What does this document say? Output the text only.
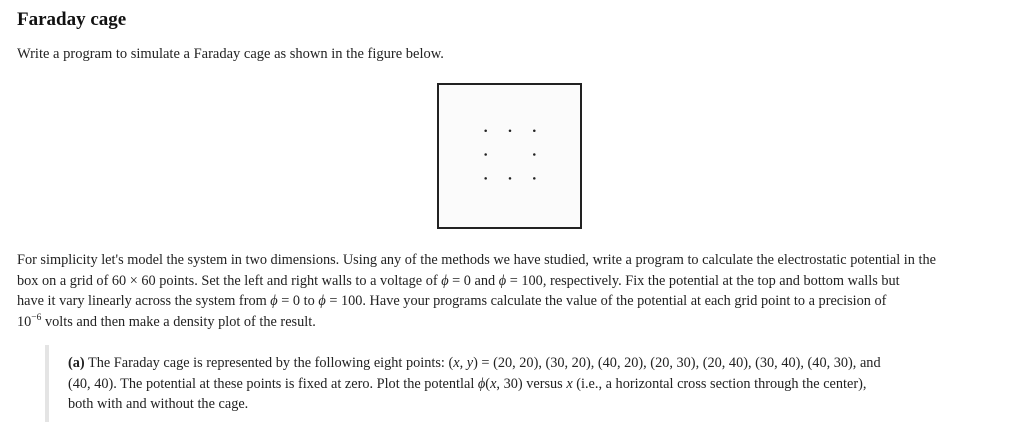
Faraday cage

Write a program to simulate a Faraday cage as shown in the figure below.

For simplicity let's model the system in two dimensions. Using any of the methods we have studied, write a program to calculate the electrostatic potential in the
box on a grid of 60 × 60 points. Set the left and right walls to a voltage of ϕ = 0 and ϕ = 100, respectively. Fix the potential at the top and bottom walls but
have it vary linearly across the system from ϕ = 0 to ϕ = 100. Have your programs calculate the value of the potential at each grid point to a precision of
$10^{-6}$ volts and then make a density plot of the result.

(a) The Faraday cage is represented by the following eight points: (x, y) = (20, 20), (30, 20), (40, 20), (20, 30), (20, 40), (30, 40), (40, 30), and
(40, 40). The potential at these points is fixed at zero. Plot the potentlal ϕ(x, 30) versus x (i.e., a horizontal cross section through the center),
both with and without the cage.
